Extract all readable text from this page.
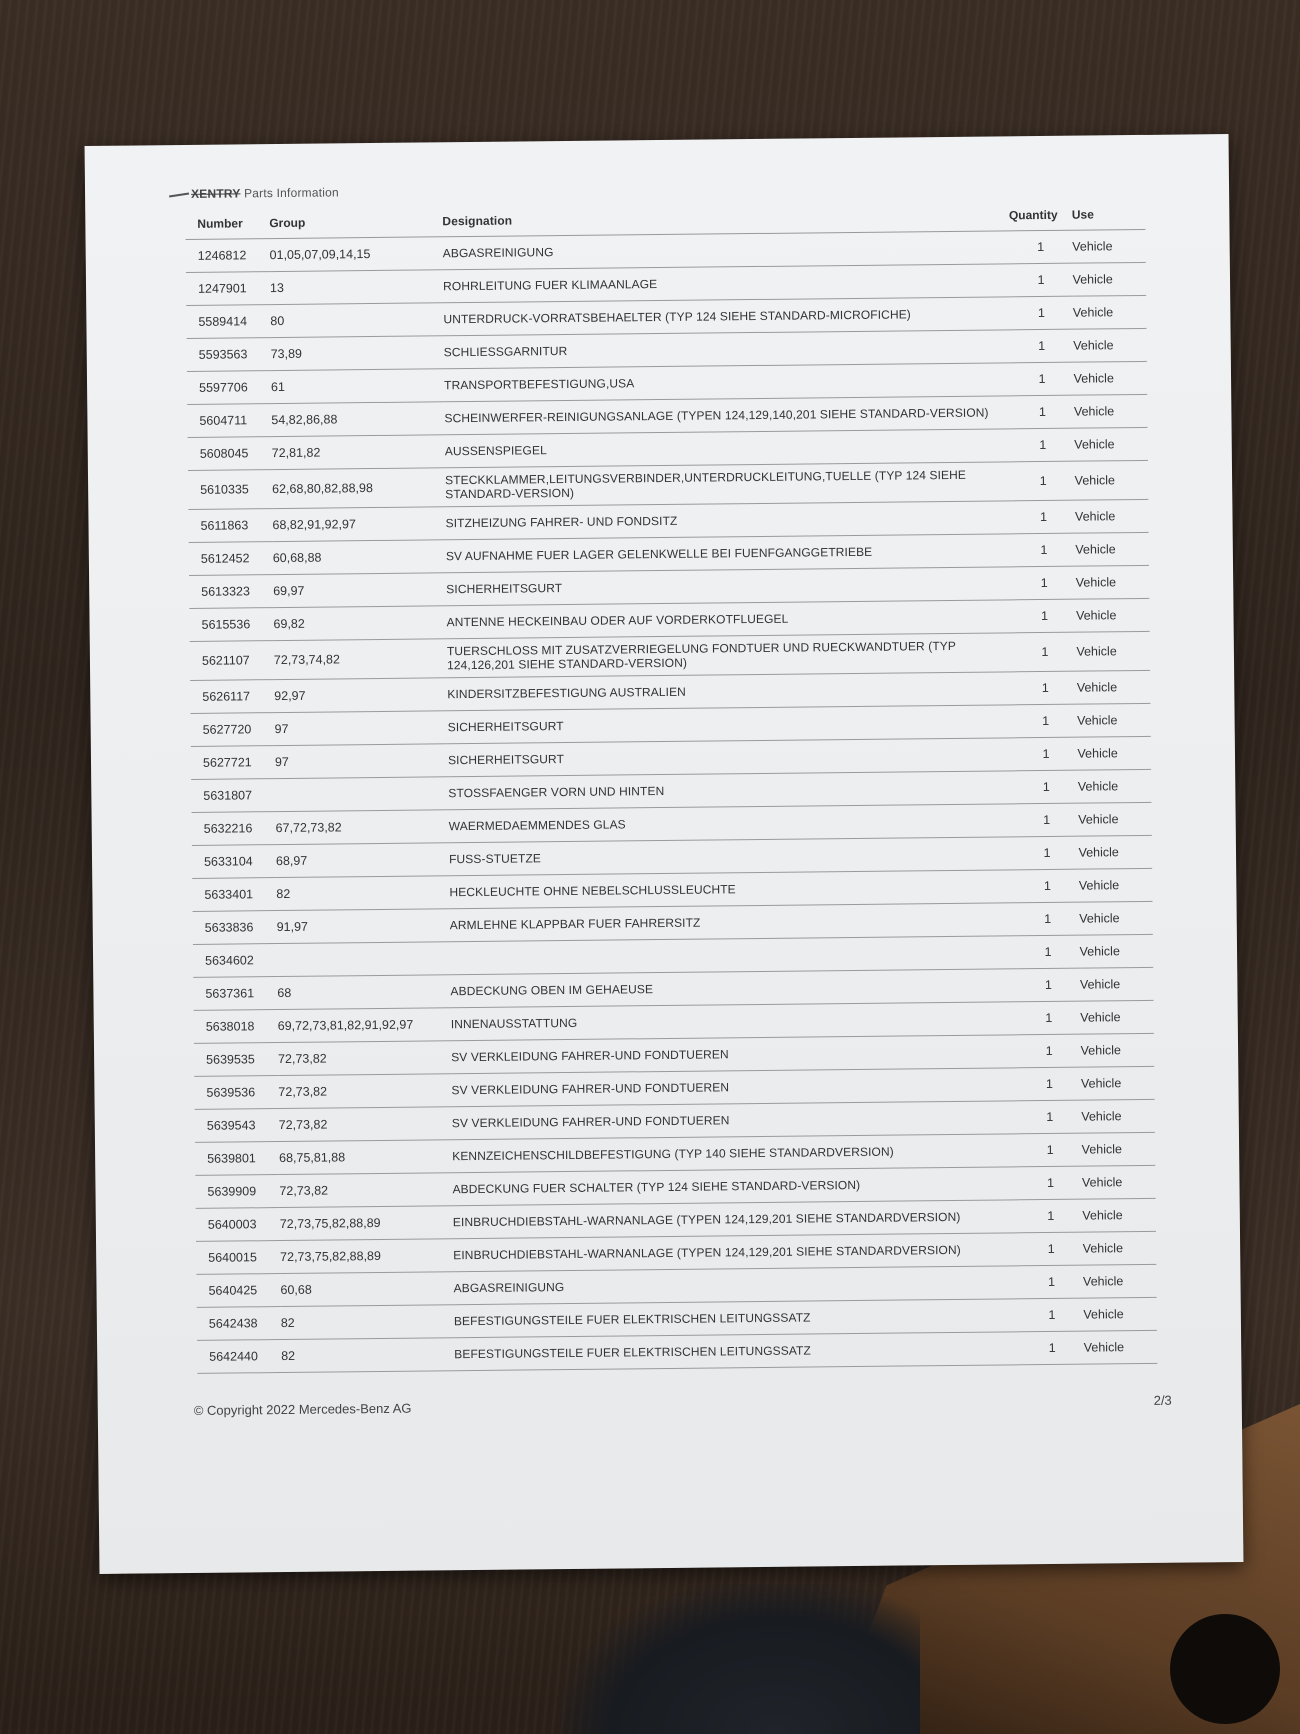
XENTRY Parts Information
Number	Group	Designation	Quantity	Use
1246812	01,05,07,09,14,15	ABGASREINIGUNG	1	Vehicle
1247901	13	ROHRLEITUNG FUER KLIMAANLAGE	1	Vehicle
5589414	80	UNTERDRUCK-VORRATSBEHAELTER (TYP 124 SIEHE STANDARD-MICROFICHE)	1	Vehicle
5593563	73,89	SCHLIESSGARNITUR	1	Vehicle
5597706	61	TRANSPORTBEFESTIGUNG,USA	1	Vehicle
5604711	54,82,86,88	SCHEINWERFER-REINIGUNGSANLAGE (TYPEN 124,129,140,201 SIEHE STANDARD-VERSION)	1	Vehicle
5608045	72,81,82	AUSSENSPIEGEL	1	Vehicle
5610335	62,68,80,82,88,98	STECKKLAMMER,LEITUNGSVERBINDER,UNTERDRUCKLEITUNG,TUELLE (TYP 124 SIEHE STANDARD-VERSION)	1	Vehicle
5611863	68,82,91,92,97	SITZHEIZUNG FAHRER- UND FONDSITZ	1	Vehicle
5612452	60,68,88	SV AUFNAHME FUER LAGER GELENKWELLE BEI FUENFGANGGETRIEBE	1	Vehicle
5613323	69,97	SICHERHEITSGURT	1	Vehicle
5615536	69,82	ANTENNE HECKEINBAU ODER AUF VORDERKOTFLUEGEL	1	Vehicle
5621107	72,73,74,82	TUERSCHLOSS MIT ZUSATZVERRIEGELUNG FONDTUER UND RUECKWANDTUER (TYP 124,126,201 SIEHE STANDARD-VERSION)	1	Vehicle
5626117	92,97	KINDERSITZBEFESTIGUNG AUSTRALIEN	1	Vehicle
5627720	97	SICHERHEITSGURT	1	Vehicle
5627721	97	SICHERHEITSGURT	1	Vehicle
5631807		STOSSFAENGER VORN UND HINTEN	1	Vehicle
5632216	67,72,73,82	WAERMEDAEMMENDES GLAS	1	Vehicle
5633104	68,97	FUSS-STUETZE	1	Vehicle
5633401	82	HECKLEUCHTE OHNE NEBELSCHLUSSLEUCHTE	1	Vehicle
5633836	91,97	ARMLEHNE KLAPPBAR FUER FAHRERSITZ	1	Vehicle
5634602			1	Vehicle
5637361	68	ABDECKUNG OBEN IM GEHAEUSE	1	Vehicle
5638018	69,72,73,81,82,91,92,97	INNENAUSSTATTUNG	1	Vehicle
5639535	72,73,82	SV VERKLEIDUNG FAHRER-UND FONDTUEREN	1	Vehicle
5639536	72,73,82	SV VERKLEIDUNG FAHRER-UND FONDTUEREN	1	Vehicle
5639543	72,73,82	SV VERKLEIDUNG FAHRER-UND FONDTUEREN	1	Vehicle
5639801	68,75,81,88	KENNZEICHENSCHILDBEFESTIGUNG (TYP 140 SIEHE STANDARDVERSION)	1	Vehicle
5639909	72,73,82	ABDECKUNG FUER SCHALTER (TYP 124 SIEHE STANDARD-VERSION)	1	Vehicle
5640003	72,73,75,82,88,89	EINBRUCHDIEBSTAHL-WARNANLAGE (TYPEN 124,129,201 SIEHE STANDARDVERSION)	1	Vehicle
5640015	72,73,75,82,88,89	EINBRUCHDIEBSTAHL-WARNANLAGE (TYPEN 124,129,201 SIEHE STANDARDVERSION)	1	Vehicle
5640425	60,68	ABGASREINIGUNG	1	Vehicle
5642438	82	BEFESTIGUNGSTEILE FUER ELEKTRISCHEN LEITUNGSSATZ	1	Vehicle
5642440	82	BEFESTIGUNGSTEILE FUER ELEKTRISCHEN LEITUNGSSATZ	1	Vehicle
© Copyright 2022 Mercedes-Benz AG
2/3
